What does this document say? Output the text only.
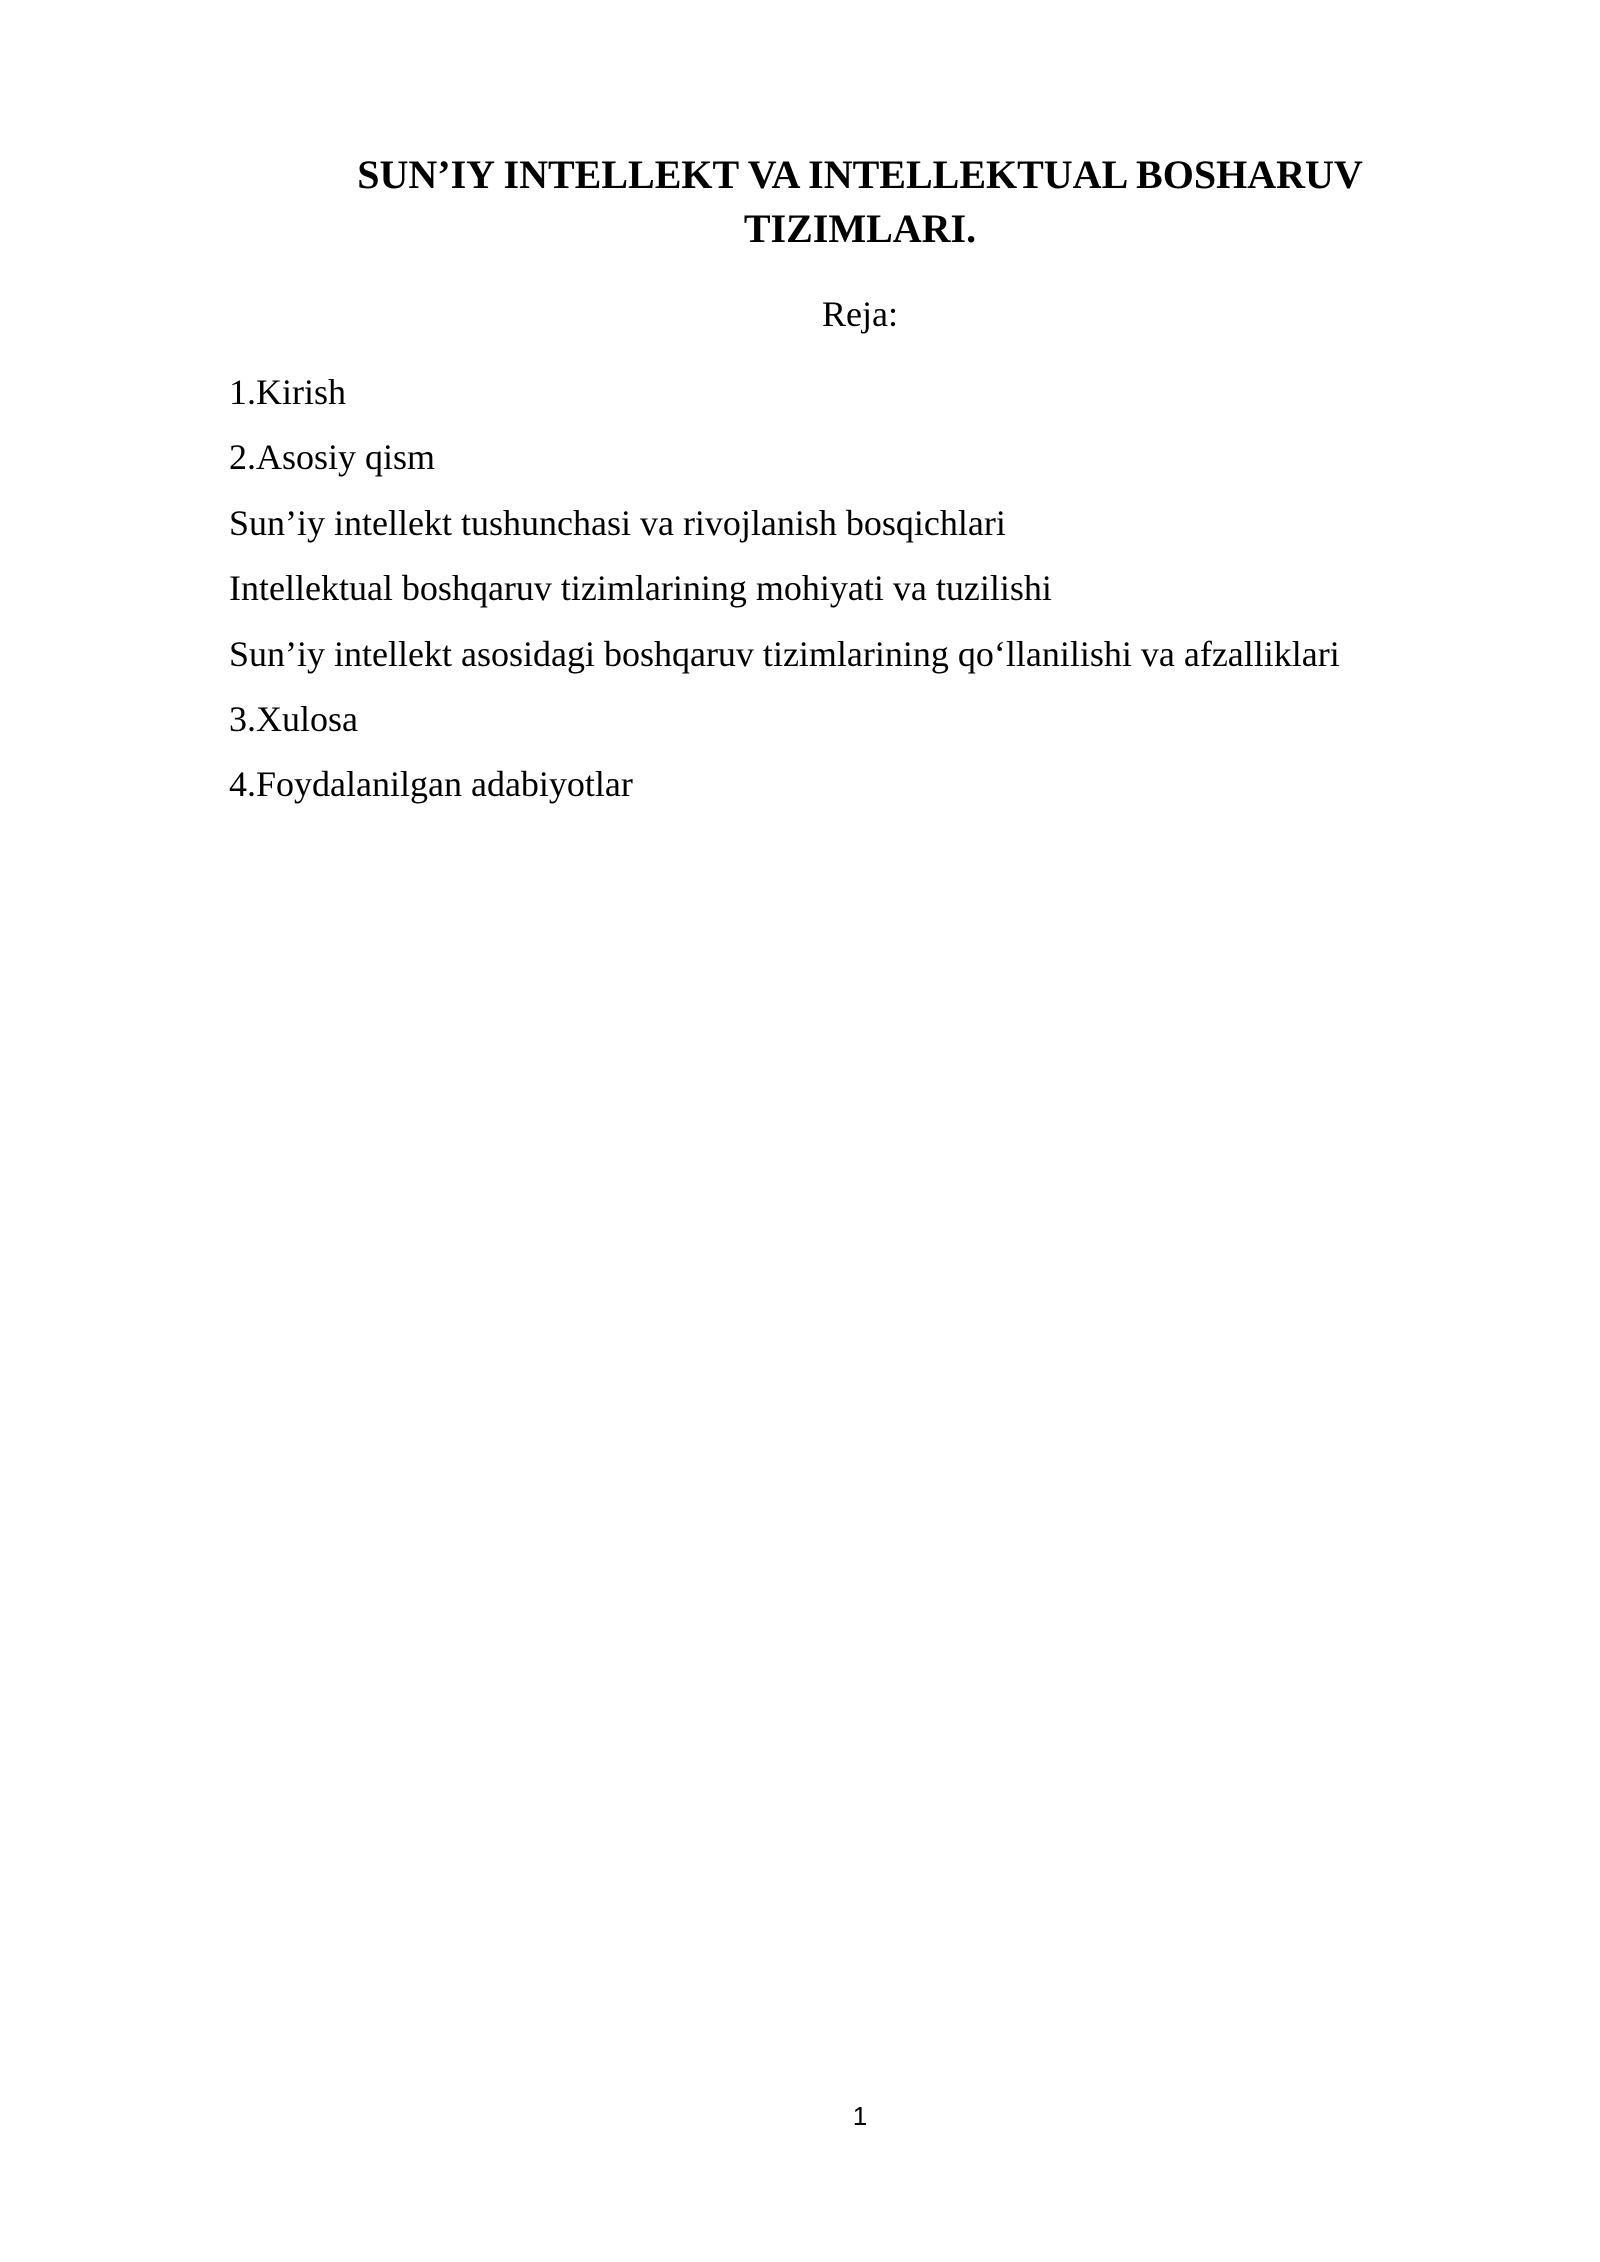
SUN’IY INTELLEKT VA INTELLEKTUAL BOSHARUV TIZIMLARI.

Reja:

1.Kirish
2.Asosiy qism
Sun’iy intellekt tushunchasi va rivojlanish bosqichlari
Intellektual boshqaruv tizimlarining mohiyati va tuzilishi
Sun’iy intellekt asosidagi boshqaruv tizimlarining qo‘llanilishi va afzalliklari
3.Xulosa
4.Foydalanilgan adabiyotlar
1
